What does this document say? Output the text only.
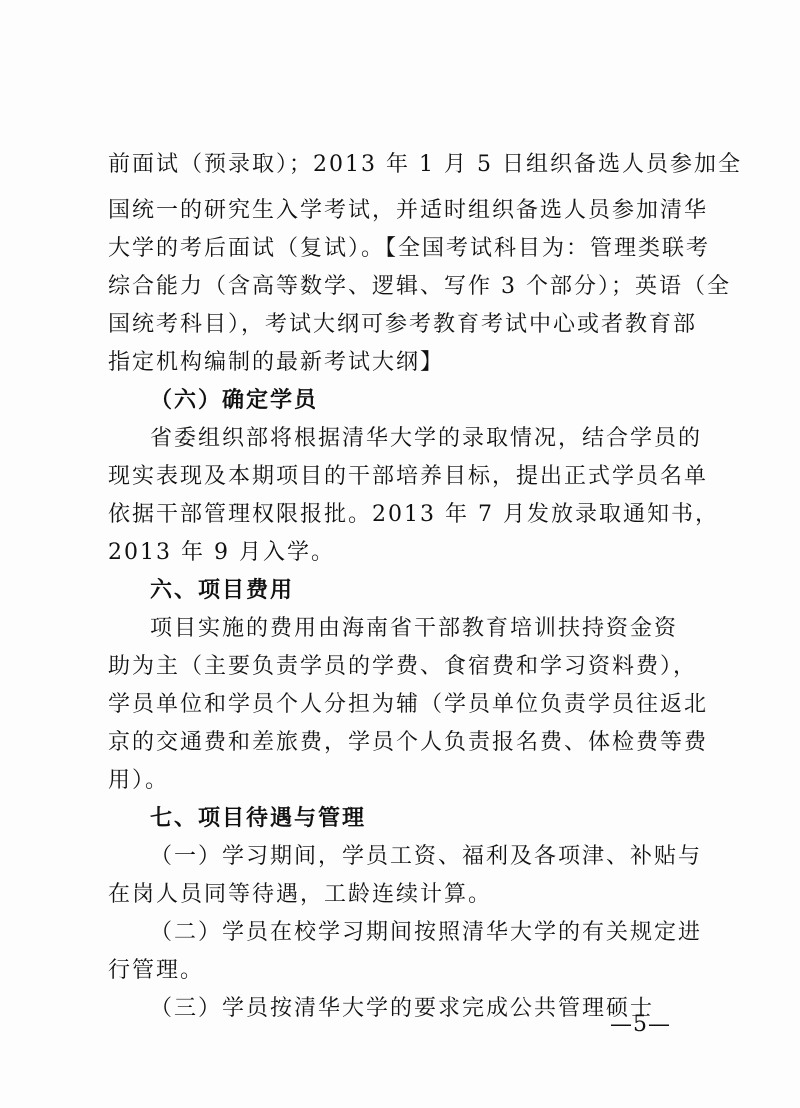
前面试（预录取）；2013 年 1 月 5 日组织备选人员参加全
国统一的研究生入学考试，并适时组织备选人员参加清华
大学的考后面试（复试）。【全国考试科目为：管理类联考
综合能力（含高等数学、逻辑、写作 3 个部分）；英语（全
国统考科目），考试大纲可参考教育考试中心或者教育部
指定机构编制的最新考试大纲】
（六）确定学员
省委组织部将根据清华大学的录取情况，结合学员的
现实表现及本期项目的干部培养目标，提出正式学员名单
依据干部管理权限报批。2013 年 7 月发放录取通知书，
2013 年 9 月入学。
六、项目费用
项目实施的费用由海南省干部教育培训扶持资金资
助为主（主要负责学员的学费、食宿费和学习资料费），
学员单位和学员个人分担为辅（学员单位负责学员往返北
京的交通费和差旅费，学员个人负责报名费、体检费等费
用）。
七、项目待遇与管理
（一）学习期间，学员工资、福利及各项津、补贴与
在岗人员同等待遇，工龄连续计算。
（二）学员在校学习期间按照清华大学的有关规定进
行管理。
（三）学员按清华大学的要求完成公共管理硕士
—5—
